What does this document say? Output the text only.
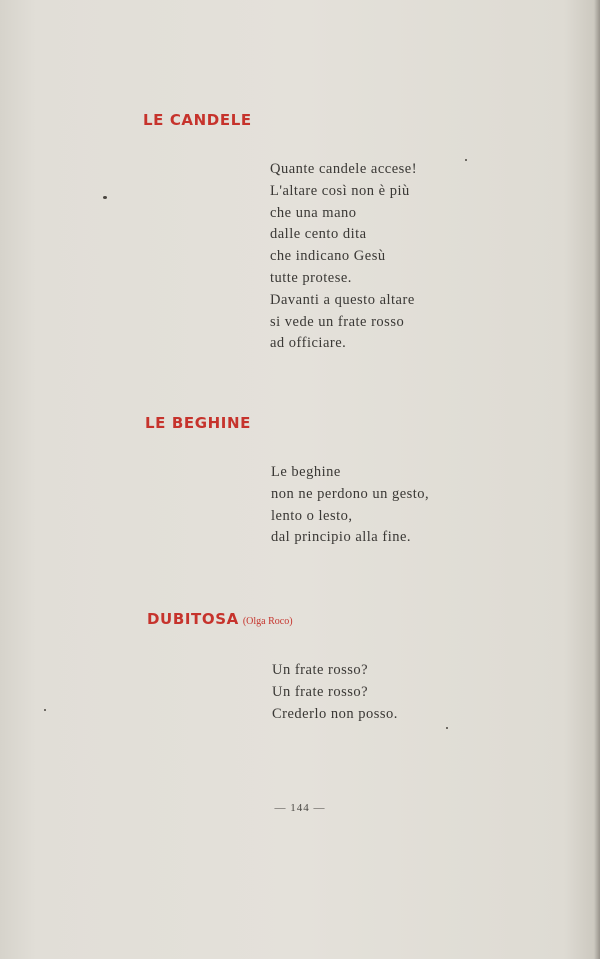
LE CANDELE
Quante candele accese!
L'altare così non è più
che una mano
dalle cento dita
che indicano Gesù
tutte protese.
Davanti a questo altare
si vede un frate rosso
ad officiare.
LE BEGHINE
Le beghine
non ne perdono un gesto,
lento o lesto,
dal principio alla fine.
DUBITOSA (Olga Roco)
Un frate rosso?
Un frate rosso?
Crederlo non posso.
— 144 —
